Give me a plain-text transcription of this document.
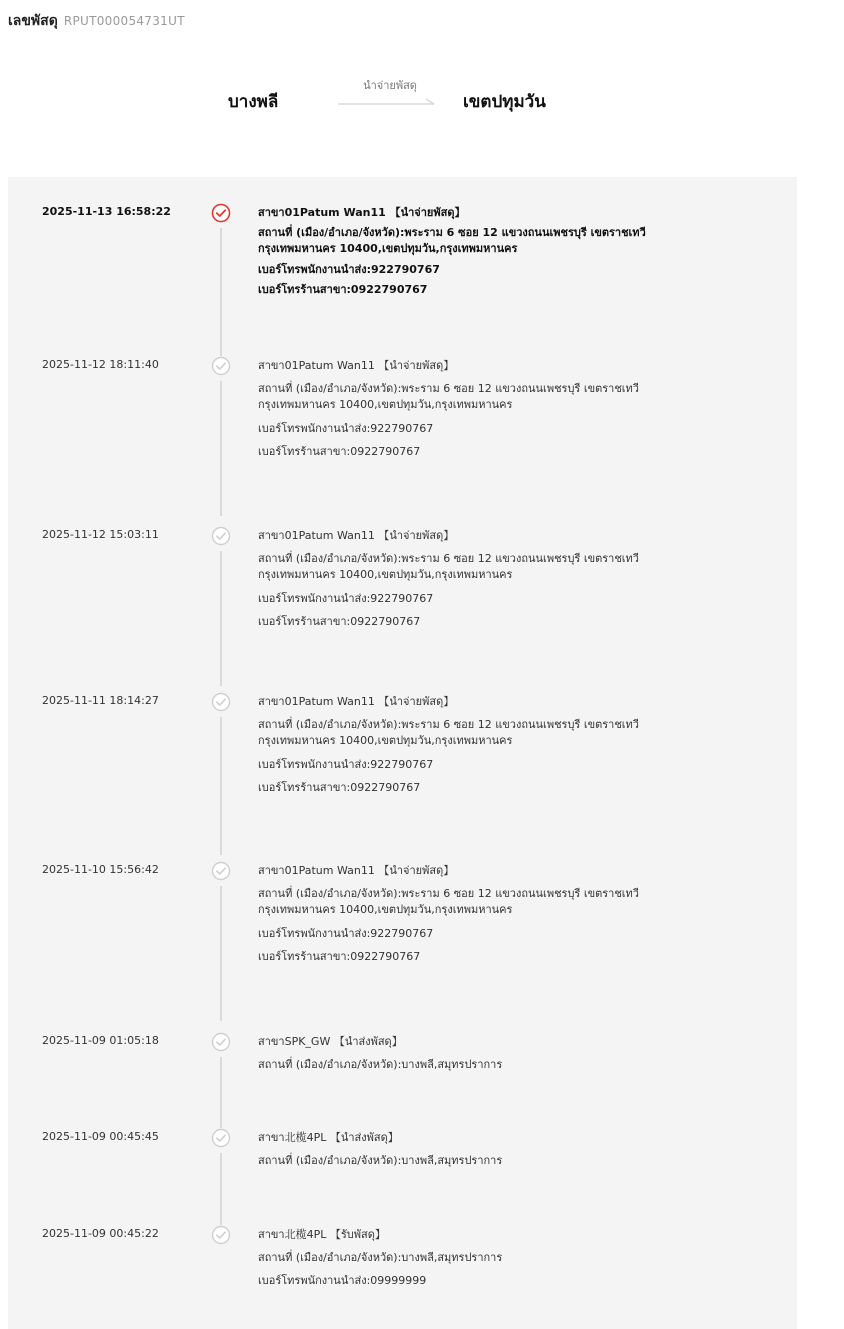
เลขพัสดุ RPUT000054731UT
บางพลี
นำจ่ายพัสดุ
เขตปทุมวัน
2025-11-13 16:58:22	สาขา01Patum Wan11 【นำจ่ายพัสดุ】
สถานที่ (เมือง/อำเภอ/จังหวัด):พระราม 6 ซอย 12 แขวงถนนเพชรบุรี เขตราชเทวี กรุงเทพมหานคร 10400,เขตปทุมวัน,กรุงเทพมหานคร
เบอร์โทรพนักงานนำส่ง:922790767
เบอร์โทรร้านสาขา:0922790767
2025-11-12 18:11:40	สาขา01Patum Wan11 【นำจ่ายพัสดุ】
สถานที่ (เมือง/อำเภอ/จังหวัด):พระราม 6 ซอย 12 แขวงถนนเพชรบุรี เขตราชเทวี กรุงเทพมหานคร 10400,เขตปทุมวัน,กรุงเทพมหานคร
เบอร์โทรพนักงานนำส่ง:922790767
เบอร์โทรร้านสาขา:0922790767
2025-11-12 15:03:11	สาขา01Patum Wan11 【นำจ่ายพัสดุ】
สถานที่ (เมือง/อำเภอ/จังหวัด):พระราม 6 ซอย 12 แขวงถนนเพชรบุรี เขตราชเทวี กรุงเทพมหานคร 10400,เขตปทุมวัน,กรุงเทพมหานคร
เบอร์โทรพนักงานนำส่ง:922790767
เบอร์โทรร้านสาขา:0922790767
2025-11-11 18:14:27	สาขา01Patum Wan11 【นำจ่ายพัสดุ】
สถานที่ (เมือง/อำเภอ/จังหวัด):พระราม 6 ซอย 12 แขวงถนนเพชรบุรี เขตราชเทวี กรุงเทพมหานคร 10400,เขตปทุมวัน,กรุงเทพมหานคร
เบอร์โทรพนักงานนำส่ง:922790767
เบอร์โทรร้านสาขา:0922790767
2025-11-10 15:56:42	สาขา01Patum Wan11 【นำจ่ายพัสดุ】
สถานที่ (เมือง/อำเภอ/จังหวัด):พระราม 6 ซอย 12 แขวงถนนเพชรบุรี เขตราชเทวี กรุงเทพมหานคร 10400,เขตปทุมวัน,กรุงเทพมหานคร
เบอร์โทรพนักงานนำส่ง:922790767
เบอร์โทรร้านสาขา:0922790767
2025-11-09 01:05:18	สาขาSPK_GW 【นำส่งพัสดุ】
สถานที่ (เมือง/อำเภอ/จังหวัด):บางพลี,สมุทรปราการ
2025-11-09 00:45:45	สาขา北榄4PL 【นำส่งพัสดุ】
สถานที่ (เมือง/อำเภอ/จังหวัด):บางพลี,สมุทรปราการ
2025-11-09 00:45:22	สาขา北榄4PL 【รับพัสดุ】
สถานที่ (เมือง/อำเภอ/จังหวัด):บางพลี,สมุทรปราการ
เบอร์โทรพนักงานนำส่ง:09999999
